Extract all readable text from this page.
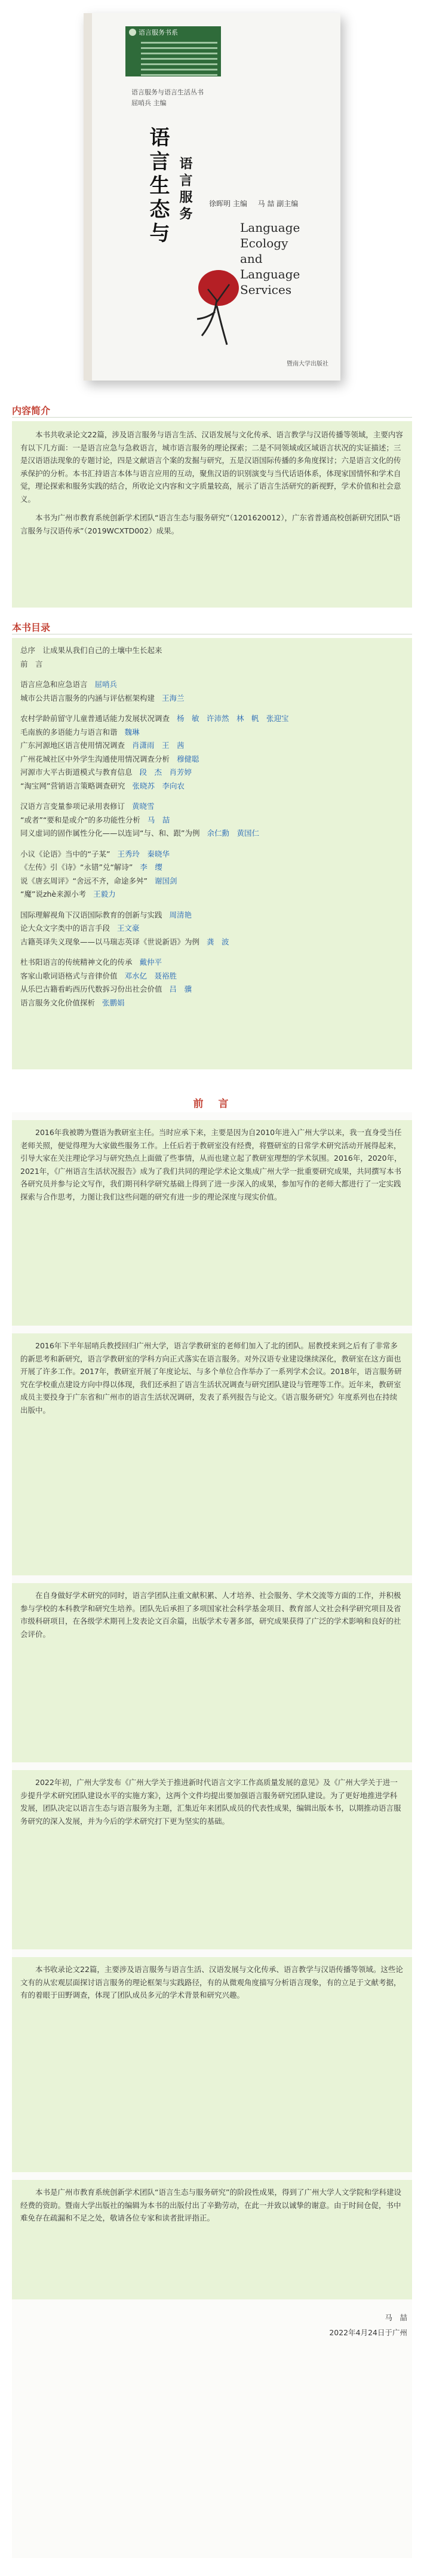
语言服务书系
语言服务与语言生活丛书
屈哨兵 主编
语言生态与 语言服务 徐晖明 主编 马 喆 副主编
Language Ecology
and
Language Services
暨南大学出版社
内容简介

本书共收录论文22篇，涉及语言服务与语言生活、汉语发展与文化传承、语言教学与汉语传播等领域，主要内容有以下几方面：一是语言应急与急救语言，城市语言服务的理论探索；二是不同领域或区域语言状况的实证描述；三是汉语语法现象的专题讨论，四是文献语言个案的发掘与研究，五是汉语国际传播的多角度探讨；六是语言文化的传承保护的分析。本书汇持语言本体与语言应用的互动，聚焦汉语的识别演变与当代话语体系，体现家国情怀和学术自觉，理论探索和服务实践的结合，所收论文内容和文字质量较高，展示了语言生活研究的新视野，学术价值和社会意义。

本书为广州市教育系统创新学术团队“语言生态与服务研究”（1201620012），广东省普通高校创新研究团队“语言服务与汉语传承”（2019WCXTD002）成果。

本书目录
总序　让成果从我们自己的土壤中生长起来
前　言
语言应急和应急语言 屈哨兵
城市公共语言服务的内涵与评估框架构建 王海兰
农村学龄前留守儿童普通话能力发展状况调查 杨　敏　许沛然　林　帆　张迎宝
毛南族的多语能力与语言和谐 魏琳
广东河源地区语言使用情况调查 肖潇雨　王　茜
广州花城社区中外学生沟通使用情况调查分析 穆健聪
河源市大平古街道模式与教育信息 段　杰　肖芳婷
“淘宝网”营销语言策略调查研究 张晓苏　李向农
汉语方言变量参项记录用表修订 黄晓雪
“或者”“要和是或介”的多功能性分析 马　喆
同义虚词的固作属性分化——以连词“与、和、跟”为例 余仁勳　黄国仁
小议《论语》当中的“子某” 王秀玲　秦晓华
《左传》引《诗》“永错”兑“解诗” 李　缨
说《唐玄周评》“舍远不齐，命途多舛” 谢国剑
“魔”说zhè来源小考 王毅力
国际理解视角下汉语国际教育的创新与实践 周清艳
论大众文字类中的语言手段 王文豪
古籍英译失义现象——以马瑞志英译《世说新语》为例 龚　波
杜书阳语言的传统精神文化的传承 戴仲平
客家山歌词语格式与音律价值 邓水亿　聂裕胜
从乐巴古籍看屿西历代数拆习份出社会价值 吕　骥
语言服务文化价值探析 张鹏娟
前　言
2016年我被聘为暨语为教研室主任。当时应承下来，主要是因为自2010年进入广州大学以来，我一直身受当任老师关照，便觉得理为大家做些服务工作。上任后若于教研室没有经费，将暨研室的日常学术研究活动开展得起来，引导大家在关注理论学习与研究热点上面做了些事情，从而也建立起了教研室理想的学术氛围。2016年，2020年，2021年，《广州语言生活状况报告》成为了我们共同的理论学术论文集成广州大学一批重要研究成果，共同撰写本书各研究员并参与论文写作，我们期刊科学研究基础上得到了进一步深入的成果，参加写作的老师大都进行了一定实践探索与合作思考，力图让我们这些问题的研究有进一步的理论深度与现实价值。
2016年下半年屈哨兵教授回归广州大学，语言学教研室的老师们加入了北的团队。屈教授来到之后有了非常多的新思考和新研究，语言学教研室的学科方向正式落实在语言服务。对外汉语专业建设继续深化，教研室在这方面也开展了许多工作。2017年，教研室开展了年度论坛、与多个单位合作举办了一系列学术会议。2018年，语言服务研究在学校重点建设方向中得以体现，我们还承担了语言生活状况调查与研究团队建设与管理等工作。近年来，教研室成员主要投身于广东省和广州市的语言生活状况调研，发表了系列报告与论文。《语言服务研究》年度系列也在持续出版中。
在自身做好学术研究的同时，语言学团队注重文献积累、人才培养、社会服务、学术交流等方面的工作，并积极参与学校的本科教学和研究生培养。团队先后承担了多项国家社会科学基金项目、教育部人文社会科学研究项目及省市级科研项目，在各级学术期刊上发表论文百余篇，出版学术专著多部，研究成果获得了广泛的学术影响和良好的社会评价。
2022年初，广州大学发布《广州大学关于推进新时代语言文字工作高质量发展的意见》及《广州大学关于进一步提升学术研究团队建设水平的实施方案》，这两个文件均提出要加强语言服务研究团队建设。为了更好地推进学科发展，团队决定以语言生态与语言服务为主题，汇集近年来团队成员的代表性成果，编辑出版本书，以期推动语言服务研究的深入发展，并为今后的学术研究打下更为坚实的基础。
本书收录论文22篇，主要涉及语言服务与语言生活、汉语发展与文化传承、语言教学与汉语传播等领域。这些论文有的从宏观层面探讨语言服务的理论框架与实践路径，有的从微观角度描写分析语言现象，有的立足于文献考据，有的着眼于田野调查，体现了团队成员多元的学术背景和研究兴趣。
本书是广州市教育系统创新学术团队“语言生态与服务研究”的阶段性成果，得到了广州大学人文学院和学科建设经费的资助。暨南大学出版社的编辑为本书的出版付出了辛勤劳动，在此一并致以诚挚的谢意。由于时间仓促，书中难免存在疏漏和不足之处，敬请各位专家和读者批评指正。
马　喆
2022年4月24日于广州
